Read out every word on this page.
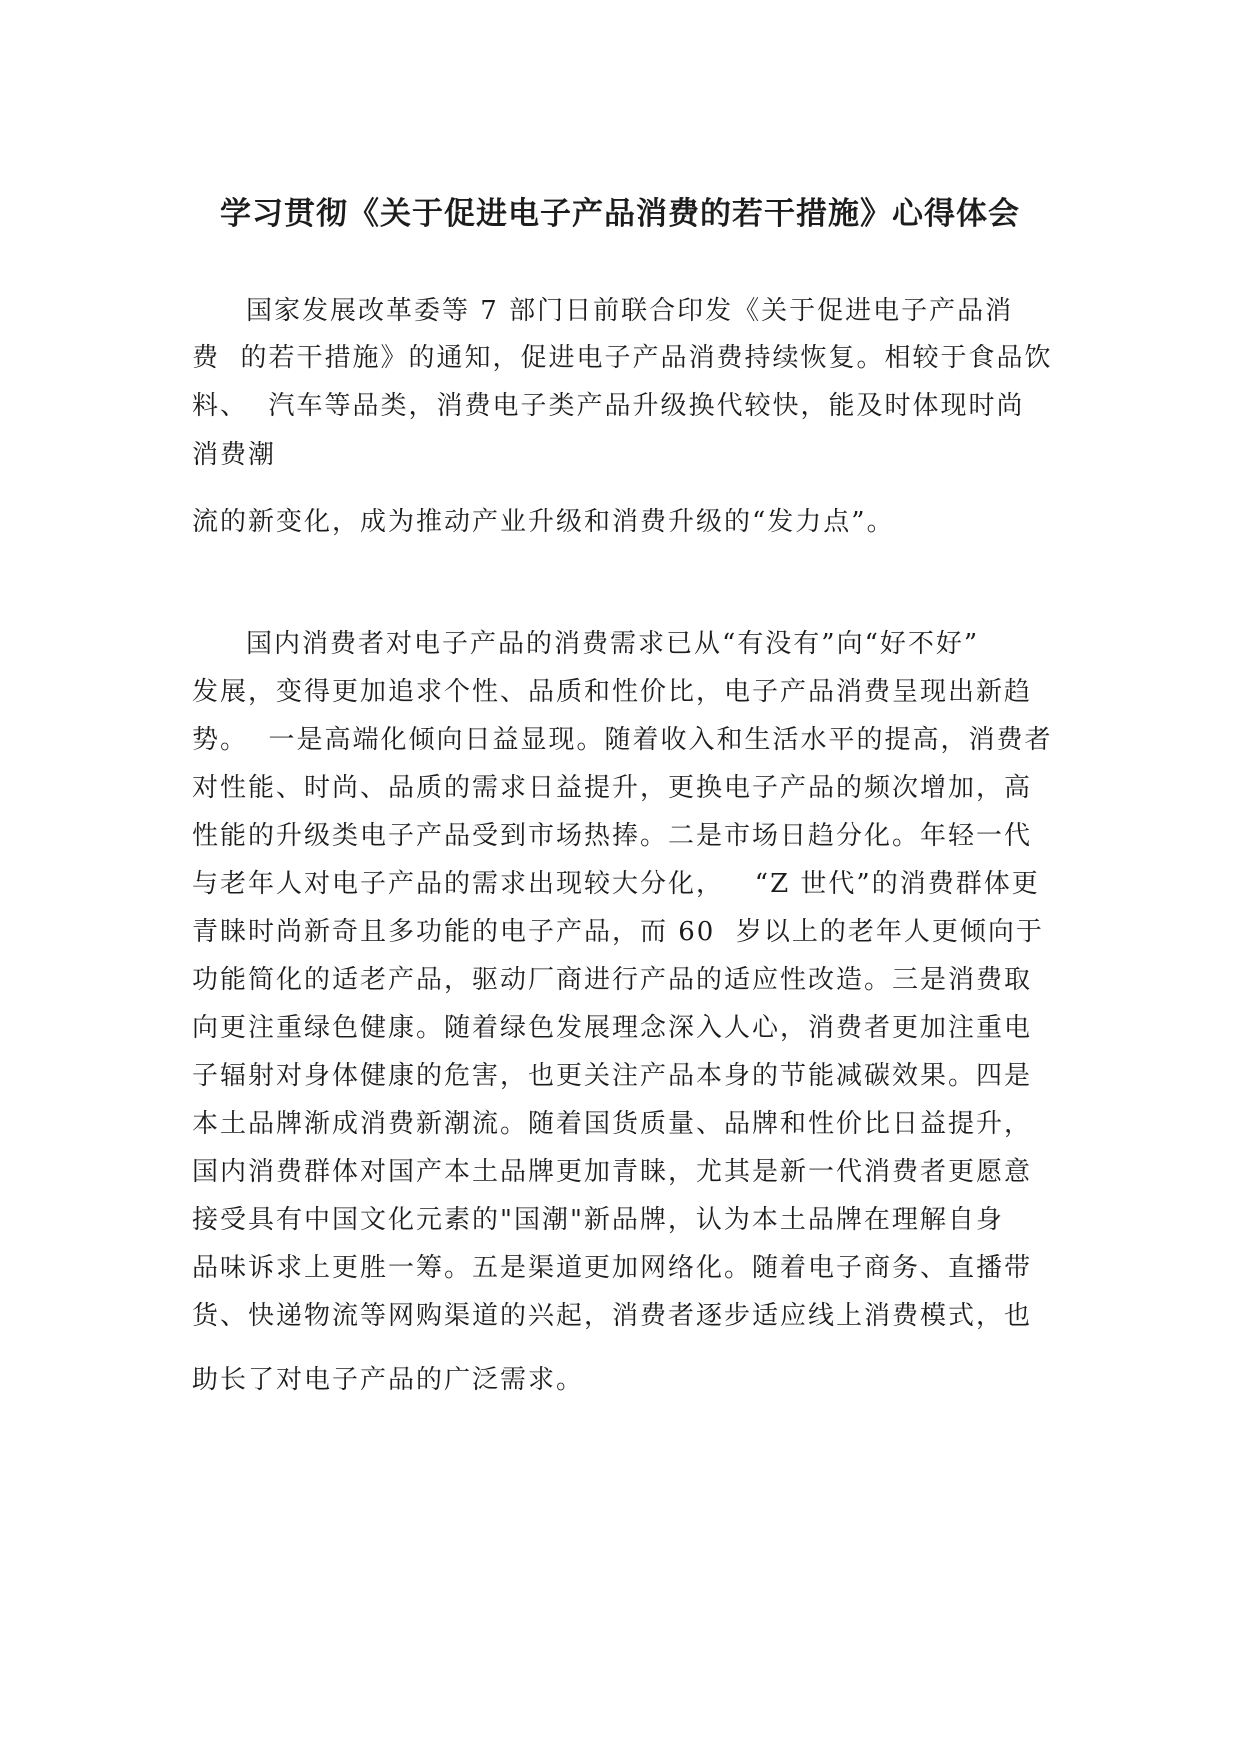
学习贯彻《关于促进电子产品消费的若干措施》心得体会
国家发展改革委等 7 部门日前联合印发《关于促进电子产品消
费  的若干措施》的通知，促进电子产品消费持续恢复。相较于食品饮
料、  汽车等品类，消费电子类产品升级换代较快，能及时体现时尚
消费潮
流的新变化，成为推动产业升级和消费升级的“发力点”。
国内消费者对电子产品的消费需求已从“有没有”向“好不好”
发展，变得更加追求个性、品质和性价比，电子产品消费呈现出新趋
势。  一是高端化倾向日益显现。随着收入和生活水平的提高，消费者
对性能、时尚、品质的需求日益提升，更换电子产品的频次增加，高
性能的升级类电子产品受到市场热捧。二是市场日趋分化。年轻一代
与老年人对电子产品的需求出现较大分化，   “Z 世代”的消费群体更
青睐时尚新奇且多功能的电子产品，而 60  岁以上的老年人更倾向于
功能简化的适老产品，驱动厂商进行产品的适应性改造。三是消费取
向更注重绿色健康。随着绿色发展理念深入人心，消费者更加注重电
子辐射对身体健康的危害，也更关注产品本身的节能减碳效果。四是
本土品牌渐成消费新潮流。随着国货质量、品牌和性价比日益提升，
国内消费群体对国产本土品牌更加青睐，尤其是新一代消费者更愿意
接受具有中国文化元素的"国潮"新品牌，认为本土品牌在理解自身
品味诉求上更胜一筹。五是渠道更加网络化。随着电子商务、直播带
货、快递物流等网购渠道的兴起，消费者逐步适应线上消费模式，也
助长了对电子产品的广泛需求。
